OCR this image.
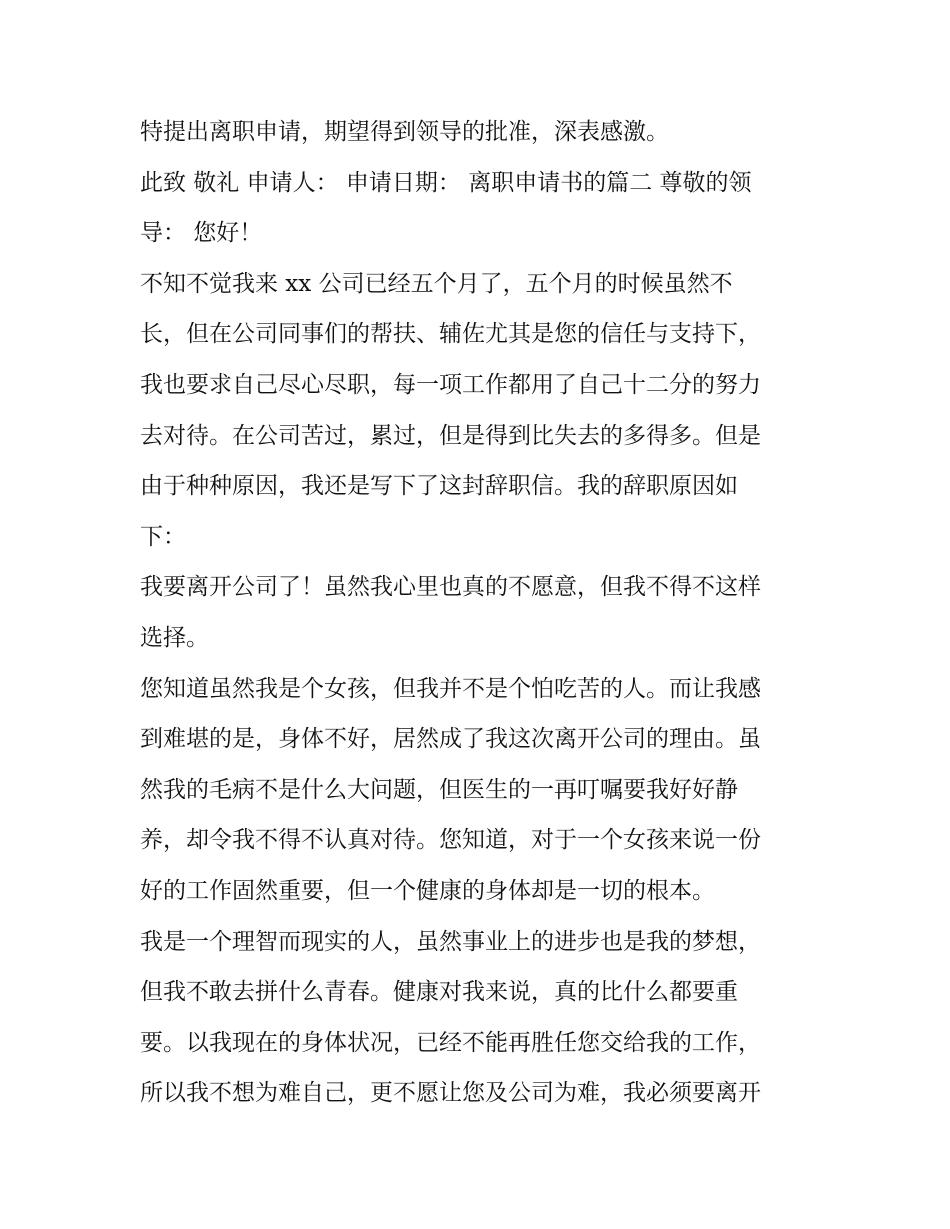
特提出离职申请，期望得到领导的批准，深表感激。
此致 敬礼 申请人： 申请日期： 离职申请书的篇二 尊敬的领
导： 您好！
不知不觉我来 xx 公司已经五个月了，五个月的时候虽然不
长，但在公司同事们的帮扶、辅佐尤其是您的信任与支持下，
我也要求自己尽心尽职，每一项工作都用了自己十二分的努力
去对待。在公司苦过，累过，但是得到比失去的多得多。但是
由于种种原因，我还是写下了这封辞职信。我的辞职原因如
下：
我要离开公司了！虽然我心里也真的不愿意，但我不得不这样
选择。
您知道虽然我是个女孩，但我并不是个怕吃苦的人。而让我感
到难堪的是，身体不好，居然成了我这次离开公司的理由。虽
然我的毛病不是什么大问题，但医生的一再叮嘱要我好好静
养，却令我不得不认真对待。您知道，对于一个女孩来说一份
好的工作固然重要，但一个健康的身体却是一切的根本。
我是一个理智而现实的人，虽然事业上的进步也是我的梦想，
但我不敢去拼什么青春。健康对我来说，真的比什么都要重
要。以我现在的身体状况，已经不能再胜任您交给我的工作，
所以我不想为难自己，更不愿让您及公司为难，我必须要离开
